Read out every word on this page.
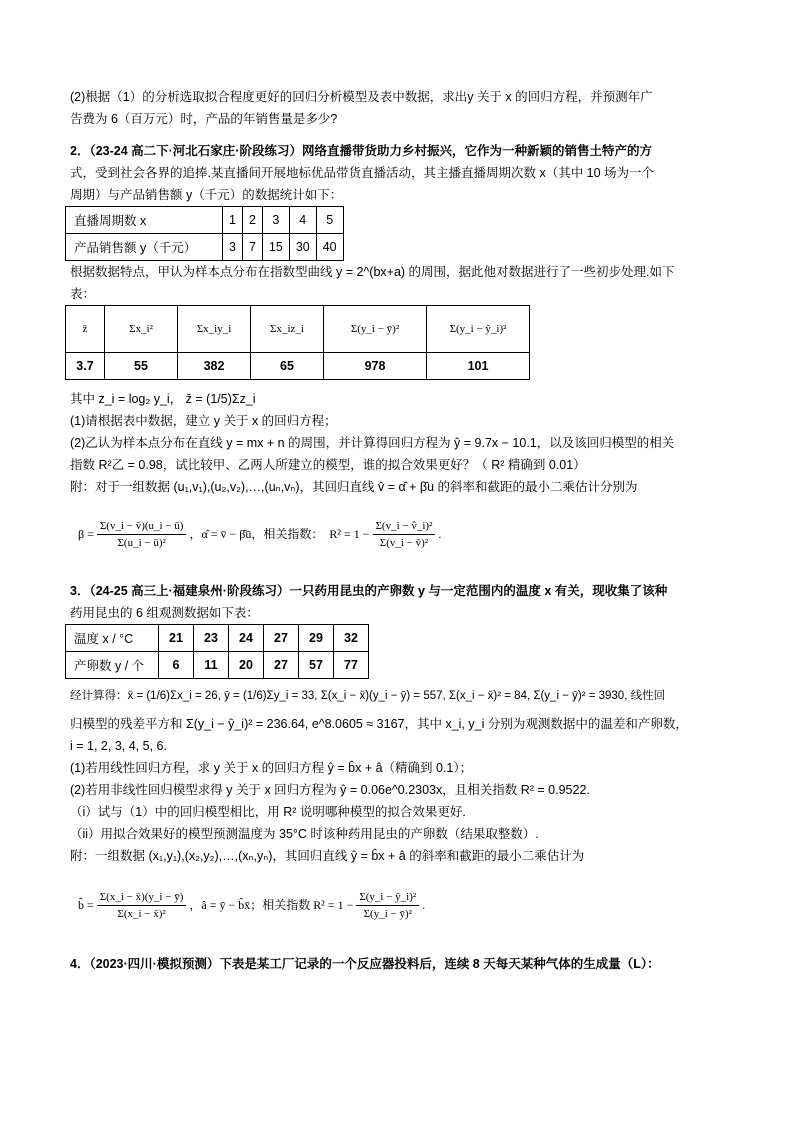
(2)根据（1）的分析选取拟合程度更好的回归分析模型及表中数据，求出y 关于 x 的回归方程，并预测年广

告费为 6（百万元）时，产品的年销售量是多少?

2．（23-24 高二下·河北石家庄·阶段练习）网络直播带货助力乡村振兴，它作为一种新颖的销售土特产的方

式，受到社会各界的追捧.某直播间开展地标优品带货直播活动，其主播直播周期次数 x（其中 10 场为一个

周期）与产品销售额 y（千元）的数据统计如下：

直播周期数 x	1	2	3	4	5
产品销售额 y（千元）	3	7	15	30	40

根据数据特点，甲认为样本点分布在指数型曲线 y = 2^(bx+a) 的周围，据此他对数据进行了一些初步处理.如下

表：

z̄	Σx_i²	Σx_iy_i	Σx_iz_i	Σ(y_i − ȳ)²	Σ(y_i − ŷ_i)²
3.7	55	382	65	978	101

其中 z_i = log₂ y_i， z̄ = (1/5)Σz_i

(1)请根据表中数据，建立 y 关于 x 的回归方程；

(2)乙认为样本点分布在直线 y = mx + n 的周围，并计算得回归方程为 ŷ = 9.7x − 10.1，以及该回归模型的相关

指数 R²乙 = 0.98，试比较甲、乙两人所建立的模型，谁的拟合效果更好？（ R² 精确到 0.01）

附：对于一组数据 (u₁,v₁),(u₂,v₂),…,(uₙ,vₙ)，其回归直线 v̂ = α̂ + β̂u 的斜率和截距的最小二乘估计分别为

$\beta = \frac{\Sigma(v\_i - v̄)(u\_i - ū)}{\text{Σ(u\_i − ū)²}}$ ，α̂ = v̄ − β̂ū，相关指数： $R^2 = 1 - \frac{\text{Σ(v\_i − v̂\_i)²}}{\text{Σ(v\_i − v̄)²}}$ .

3．（24-25 高三上·福建泉州·阶段练习）一只药用昆虫的产卵数 y 与一定范围内的温度 x 有关，现收集了该种

药用昆虫的 6 组观测数据如下表：

温度 x / °C	21	23	24	27	29	32
产卵数 y / 个	6	11	20	27	57	77

经计算得：x̄ = (1/6)Σx_i = 26, ȳ = (1/6)Σy_i = 33, Σ(x_i − x̄)(y_i − ȳ) = 557, Σ(x_i − x̄)² = 84, Σ(y_i − ȳ)² = 3930, 线性回

归模型的残差平方和 Σ(y_i − ŷ_i)² = 236.64, e^8.0605 ≈ 3167，其中 x_i, y_i 分别为观测数据中的温差和产卵数，

i = 1, 2, 3, 4, 5, 6.

(1)若用线性回归方程，求 y 关于 x 的回归方程 ŷ = b̂x + â（精确到 0.1）；

(2)若用非线性回归模型求得 y 关于 x 回归方程为 ŷ = 0.06e^0.2303x，且相关指数 R² = 0.9522.

（i）试与（1）中的回归模型相比，用 R² 说明哪种模型的拟合效果更好.

（ii）用拟合效果好的模型预测温度为 35°C 时该种药用昆虫的产卵数（结果取整数）.

附：一组数据 (x₁,y₁),(x₂,y₂),…,(xₙ,yₙ)，其回归直线 ŷ = b̂x + â 的斜率和截距的最小二乘估计为

b̂ = $\frac{\Sigma(x\_i - x̄)(y\_i - ȳ)}{\text{Σ(x\_i − x̄)²}}$ ，â = ȳ − b̂x̄；相关指数 $R^2 = 1 - \frac{\text{Σ(y\_i − ŷ\_i)²}}{\text{Σ(y\_i − ȳ)²}}$ .

4．（2023·四川·模拟预测）下表是某工厂记录的一个反应器投料后，连续 8 天每天某种气体的生成量（L）：
